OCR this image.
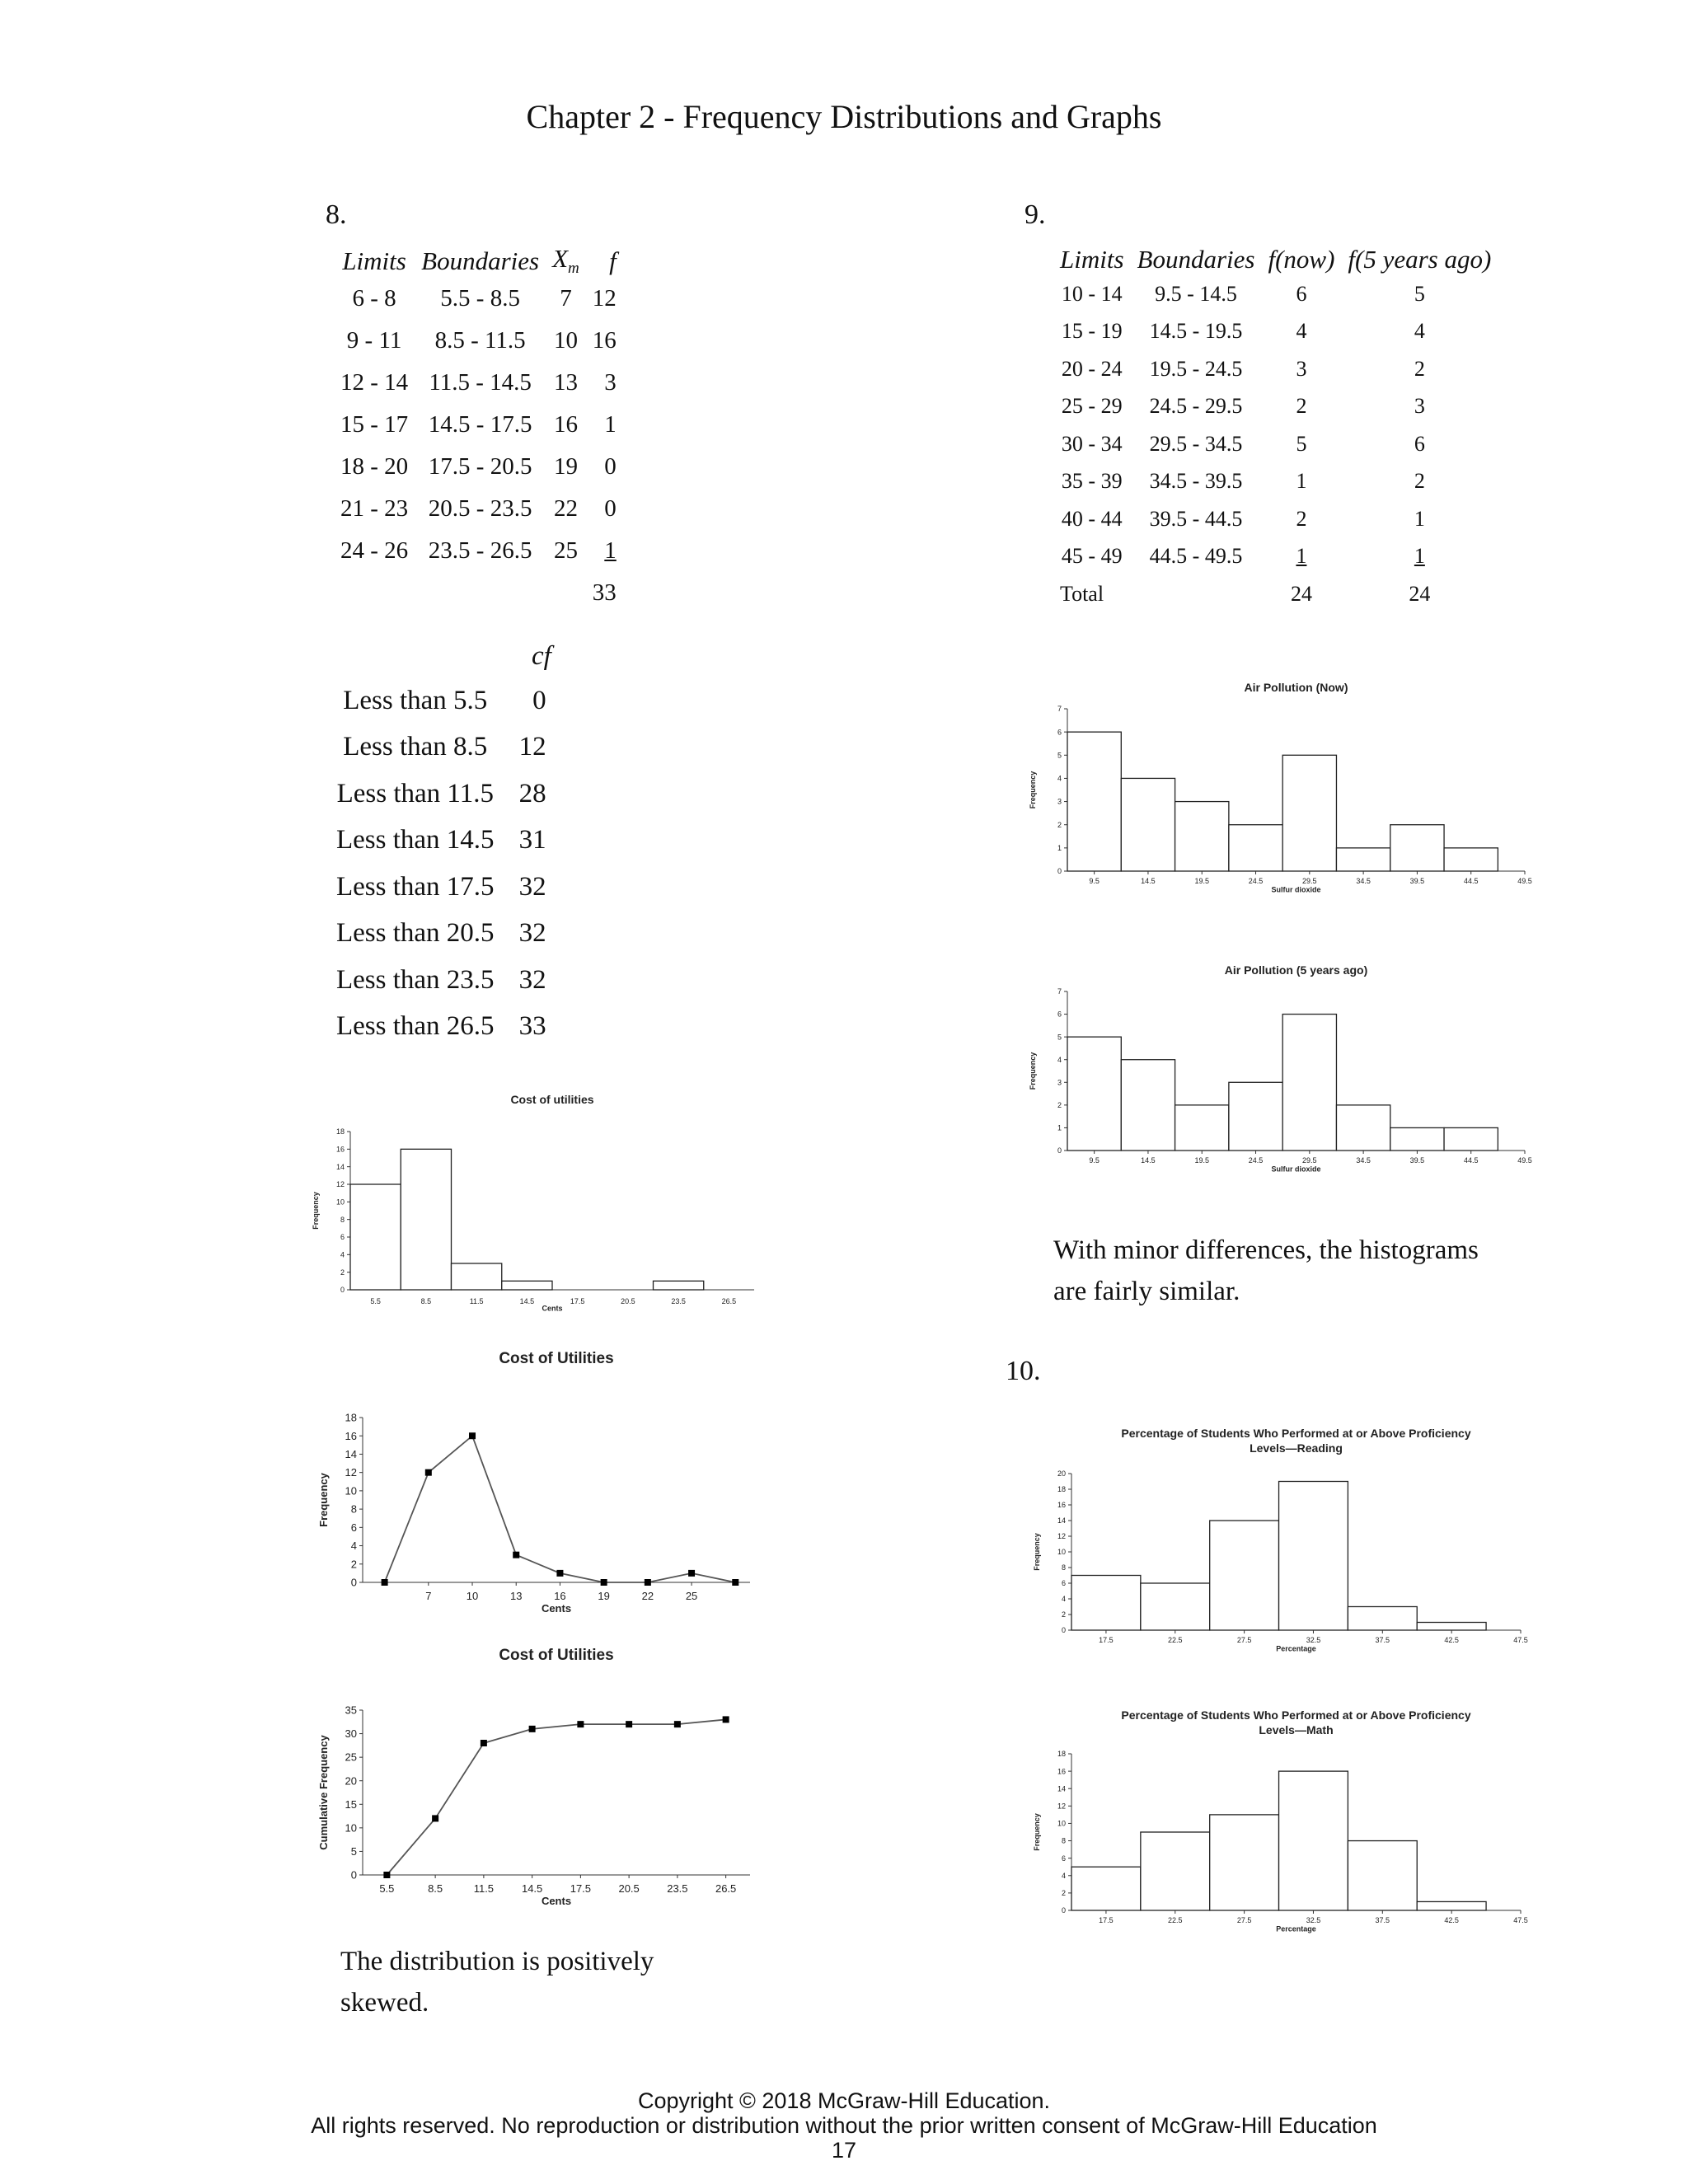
Chapter 2 - Frequency Distributions and Graphs
8.
Limits	Boundaries	$X_m$	f
6 - 8	5.5 - 8.5	7	12
9 - 11	8.5 - 11.5	10	16
12 - 14	11.5 - 14.5	13	3
15 - 17	14.5 - 17.5	16	1
18 - 20	17.5 - 20.5	19	0
21 - 23	20.5 - 23.5	22	0
24 - 26	23.5 - 26.5	25	1
			33
cf
Less than 5.5	0
Less than 8.5	12
Less than 11.5	28
Less than 14.5	31
Less than 17.5	32
Less than 20.5	32
Less than 23.5	32
Less than 26.5	33
Cost of utilities
0
2
4
6
8
10
12
14
16
18
Frequency
Cents
5.5	8.5	11.5	14.5	17.5	20.5	23.5	26.5
Cost of Utilities
0
2
4
6
8
10
12
14
16
18
Frequency
Cents
7	10	13	16	19	22	25
Cost of Utilities
0
5
10
15
20
25
30
35
Cumulative Frequency
Cents
5.5	8.5	11.5	14.5	17.5	20.5	23.5	26.5
The distribution is positively skewed.
9.
Limits	Boundaries	f(now)	f(5 years ago)
10 - 14	9.5 - 14.5	6	5
15 - 19	14.5 - 19.5	4	4
20 - 24	19.5 - 24.5	3	2
25 - 29	24.5 - 29.5	2	3
30 - 34	29.5 - 34.5	5	6
35 - 39	34.5 - 39.5	1	2
40 - 44	39.5 - 44.5	2	1
45 - 49	44.5 - 49.5	1	1
Total		24	24
Air Pollution (Now)
0
1
2
3
4
5
6
7
Frequency
Sulfur dioxide
9.5	14.5	19.5	24.5	29.5	34.5	39.5	44.5	49.5
Air Pollution (5 years ago)
0
1
2
3
4
5
6
7
Frequency
Sulfur dioxide
9.5	14.5	19.5	24.5	29.5	34.5	39.5	44.5	49.5
With minor differences, the histograms are fairly similar.
10.
Percentage of Students Who Performed at or Above Proficiency
Levels—Reading
0
2
4
6
8
10
12
14
16
18
20
Frequency
Percentage
17.5	22.5	27.5	32.5	37.5	42.5	47.5
Percentage of Students Who Performed at or Above Proficiency
Levels—Math
0
2
4
6
8
10
12
14
16
18
Frequency
Percentage
17.5	22.5	27.5	32.5	37.5	42.5	47.5
Copyright © 2018 McGraw-Hill Education.
All rights reserved. No reproduction or distribution without the prior written consent of McGraw-Hill Education
17
